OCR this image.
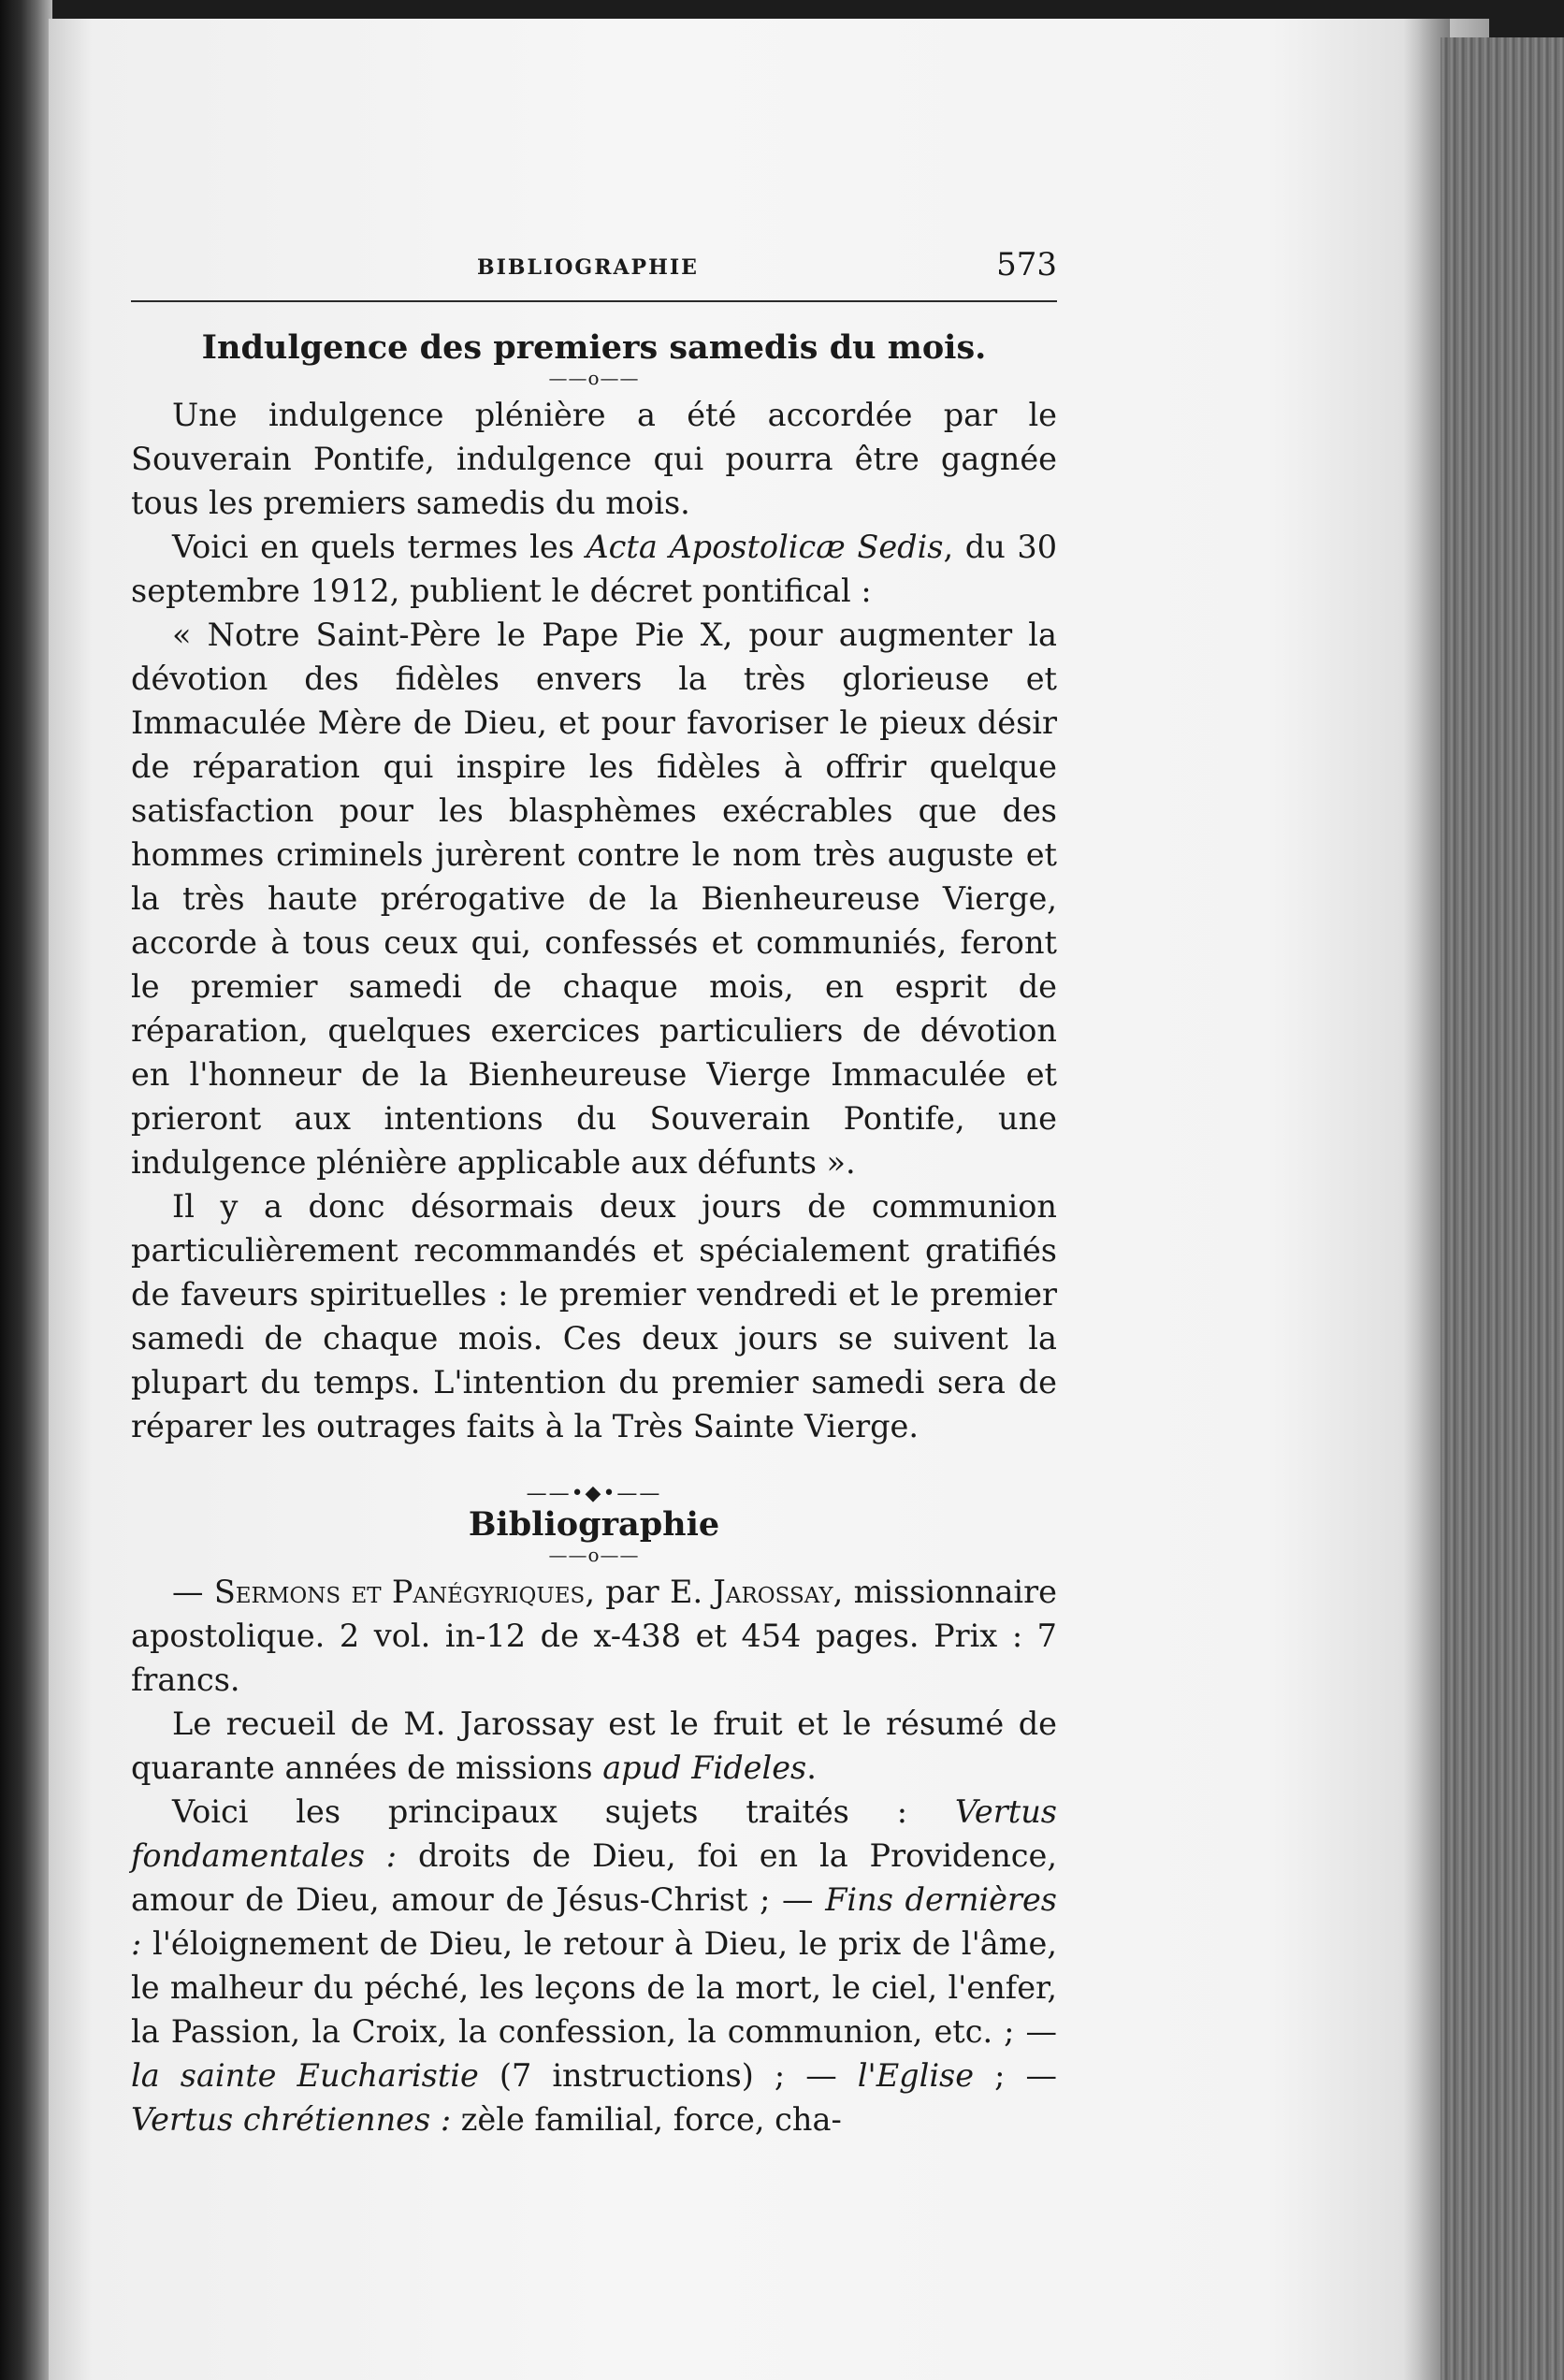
BIBLIOGRAPHIE	573
Indulgence des premiers samedis du mois.
——o——

Une indulgence plénière a été accordée par le Souverain Pontife, indulgence qui pourra être gagnée tous les premiers samedis du mois.

Voici en quels termes les Acta Apostolicæ Sedis, du 30 septembre 1912, publient le décret pontifical :

« Notre Saint-Père le Pape Pie X, pour augmenter la dévotion des fidèles envers la très glorieuse et Immaculée Mère de Dieu, et pour favoriser le pieux désir de réparation qui inspire les fidèles à offrir quelque satisfaction pour les blasphèmes exécrables que des hommes criminels jurèrent contre le nom très auguste et la très haute prérogative de la Bienheureuse Vierge, accorde à tous ceux qui, confessés et communiés, feront le premier samedi de chaque mois, en esprit de réparation, quelques exercices particuliers de dévotion en l'honneur de la Bienheureuse Vierge Immaculée et prieront aux intentions du Souverain Pontife, une indulgence plénière applicable aux défunts ».

Il y a donc désormais deux jours de communion particulièrement recommandés et spécialement gratifiés de faveurs spirituelles : le premier vendredi et le premier samedi de chaque mois. Ces deux jours se suivent la plupart du temps. L'intention du premier samedi sera de réparer les outrages faits à la Très Sainte Vierge.

——•◆•——
Bibliographie
——o——

— Sermons et Panégyriques, par E. Jarossay, missionnaire apostolique. 2 vol. in-12 de x-438 et 454 pages. Prix : 7 francs.

Le recueil de M. Jarossay est le fruit et le résumé de quarante années de missions apud Fideles.

Voici les principaux sujets traités : Vertus fondamentales : droits de Dieu, foi en la Providence, amour de Dieu, amour de Jésus-Christ ; — Fins dernières : l'éloignement de Dieu, le retour à Dieu, le prix de l'âme, le malheur du péché, les leçons de la mort, le ciel, l'enfer, la Passion, la Croix, la confession, la communion, etc. ; — la sainte Eucharistie (7 instructions) ; — l'Eglise ; — Vertus chrétiennes : zèle familial, force, cha-
